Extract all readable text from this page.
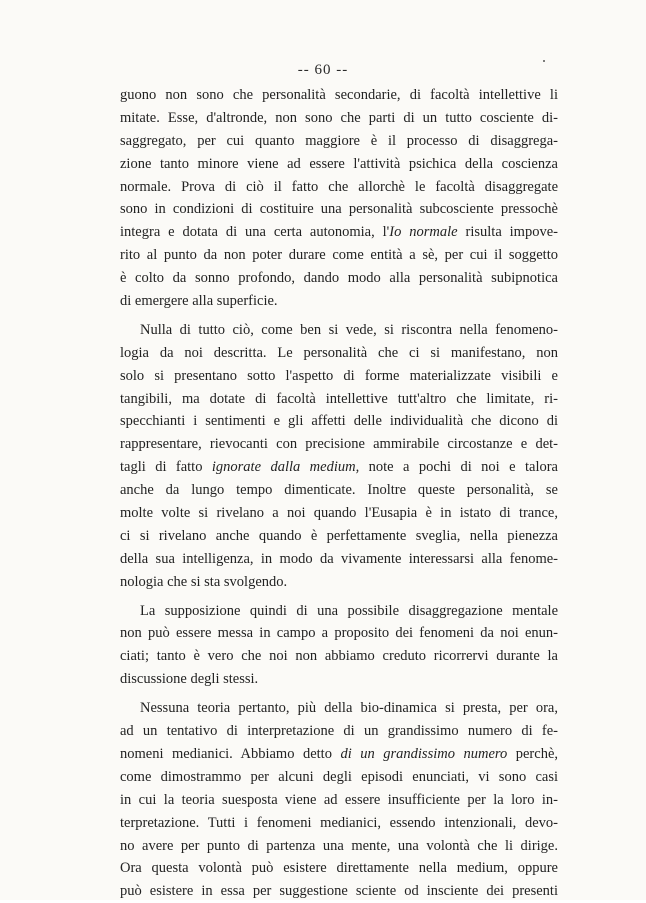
-- 60 --
guono non sono che personalità secondarie, di facoltà intellettive li
mitate. Esse, d'altronde, non sono che parti di un tutto cosciente di-
saggregato, per cui quanto maggiore è il processo di disaggrega-
zione tanto minore viene ad essere l'attività psichica della coscienza
normale. Prova di ciò il fatto che allorchè le facoltà disaggregate
sono in condizioni di costituire una personalità subcosciente pressochè
integra e dotata di una certa autonomia, l'Io normale risulta impove-
rito al punto da non poter durare come entità a sè, per cui il soggetto
è colto da sonno profondo, dando modo alla personalità subipnotica
di emergere alla superficie.
Nulla di tutto ciò, come ben si vede, si riscontra nella fenomeno-
logia da noi descritta. Le personalità che ci si manifestano, non
solo si presentano sotto l'aspetto di forme materializzate visibili e
tangibili, ma dotate di facoltà intellettive tutt'altro che limitate, ri-
specchianti i sentimenti e gli affetti delle individualità che dicono di
rappresentare, rievocanti con precisione ammirabile circostanze e det-
tagli di fatto ignorate dalla medium, note a pochi di noi e talora
anche da lungo tempo dimenticate. Inoltre queste personalità, se
molte volte si rivelano a noi quando l'Eusapia è in istato di trance,
ci si rivelano anche quando è perfettamente sveglia, nella pienezza
della sua intelligenza, in modo da vivamente interessarsi alla fenome-
nologia che si sta svolgendo.
La supposizione quindi di una possibile disaggregazione mentale
non può essere messa in campo a proposito dei fenomeni da noi enun-
ciati; tanto è vero che noi non abbiamo creduto ricorrervi durante la
discussione degli stessi.
Nessuna teoria pertanto, più della bio-dinamica si presta, per ora,
ad un tentativo di interpretazione di un grandissimo numero di fe-
nomeni medianici. Abbiamo detto di un grandissimo numero perchè,
come dimostrammo per alcuni degli episodi enunciati, vi sono casi
in cui la teoria suesposta viene ad essere insufficiente per la loro in-
terpretazione. Tutti i fenomeni medianici, essendo intenzionali, devo-
no avere per punto di partenza una mente, una volontà che li dirige.
Ora questa volontà può esistere direttamente nella medium, oppure
può esistere in essa per suggestione sciente od insciente dei presenti
